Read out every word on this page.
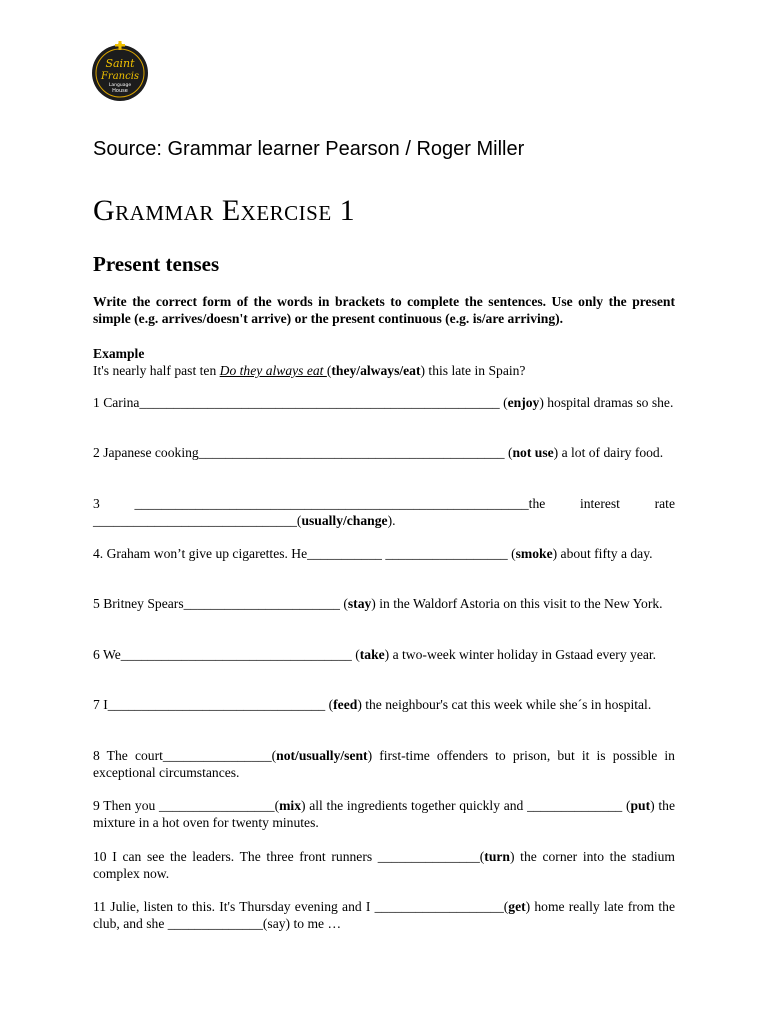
Saint
Francis
Language
House
Source: Grammar learner Pearson / Roger Miller
Grammar Exercise 1
Present tenses
Write the correct form of the words in brackets to complete the sentences. Use only the present simple (e.g. arrives/doesn't arrive) or the present continuous (e.g. is/are arriving).
Example
It's nearly half past ten Do they always eat (they/always/eat) this late in Spain?
1 Carina_____________________________________________________ (enjoy) hospital dramas so she.
2 Japanese cooking_____________________________________________ (not use) a lot of dairy food.
3 __________________________________________________________the interest rate ______________________________(usually/change).
4. Graham won’t give up cigarettes. He___________ __________________ (smoke) about fifty a day.
5 Britney Spears_______________________ (stay) in the Waldorf Astoria on this visit to the New York.
6 We__________________________________ (take) a two-week winter holiday in Gstaad every year.
7 I________________________________ (feed) the neighbour's cat this week while she´s in hospital.
8 The court________________(not/usually/sent) first-time offenders to prison, but it is possible in exceptional circumstances.
9 Then you _________________(mix) all the ingredients together quickly and ______________ (put) the mixture in a hot oven for twenty minutes.
10 I can see the leaders. The three front runners _______________(turn) the corner into the stadium complex now.
11 Julie, listen to this. It's Thursday evening and I ___________________(get) home really late from the club, and she ______________(say) to me …
